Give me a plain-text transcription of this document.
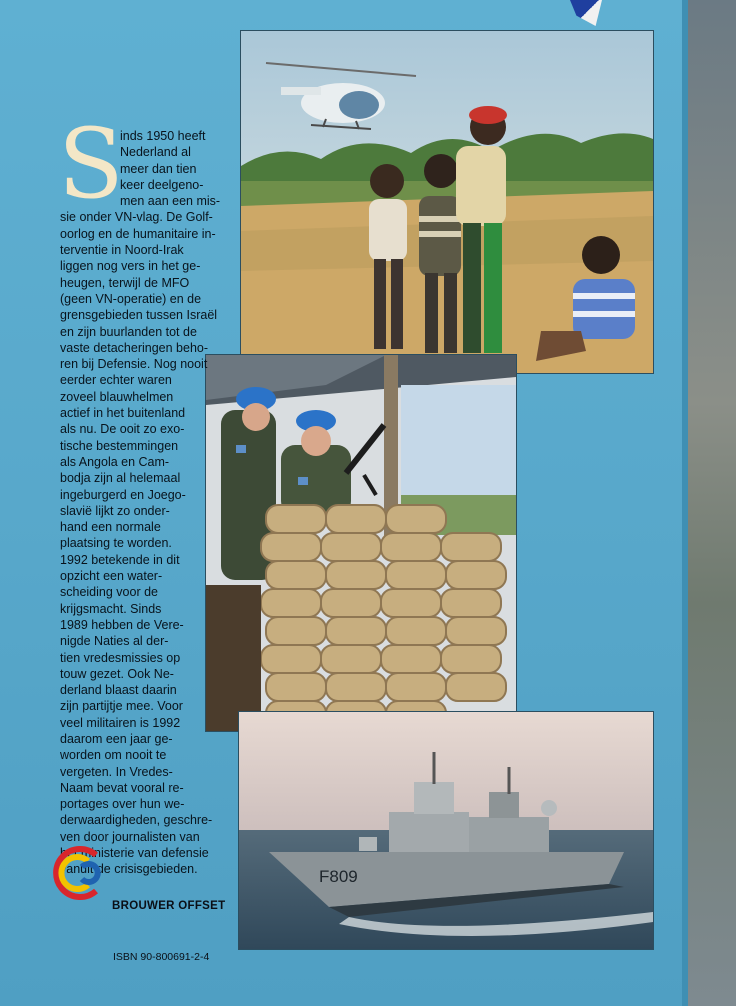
F809
S
inds 1950 heeft
Nederland al
meer dan tien
keer deelgeno-
men aan een mis-
sie onder VN-vlag. De Golf-
oorlog en de humanitaire in-
terventie in Noord-Irak
liggen nog vers in het ge-
heugen, terwijl de MFO
(geen VN-operatie) en de
grensgebieden tussen Israël
en zijn buurlanden tot de
vaste detacheringen beho-
ren bij Defensie. Nog nooit
eerder echter waren
zoveel blauwhelmen
actief in het buitenland
als nu. De ooit zo exo-
tische bestemmingen
als Angola en Cam-
bodja zijn al helemaal
ingeburgerd en Joego-
slavië lijkt zo onder-
hand een normale
plaatsing te worden.
1992 betekende in dit
opzicht een water-
scheiding voor de
krijgsmacht. Sinds
1989 hebben de Vere-
nigde Naties al der-
tien vredesmissies op
touw gezet. Ook Ne-
derland blaast daarin
zijn partijtje mee. Voor
veel militairen is 1992
daarom een jaar ge-
worden om nooit te
vergeten. In Vredes-
Naam bevat vooral re-
portages over hun we-
derwaardigheden, geschre-
ven door journalisten van
het ministerie van defensie
vanuit de crisisgebieden.
BROUWER OFFSET
ISBN 90-800691-2-4
